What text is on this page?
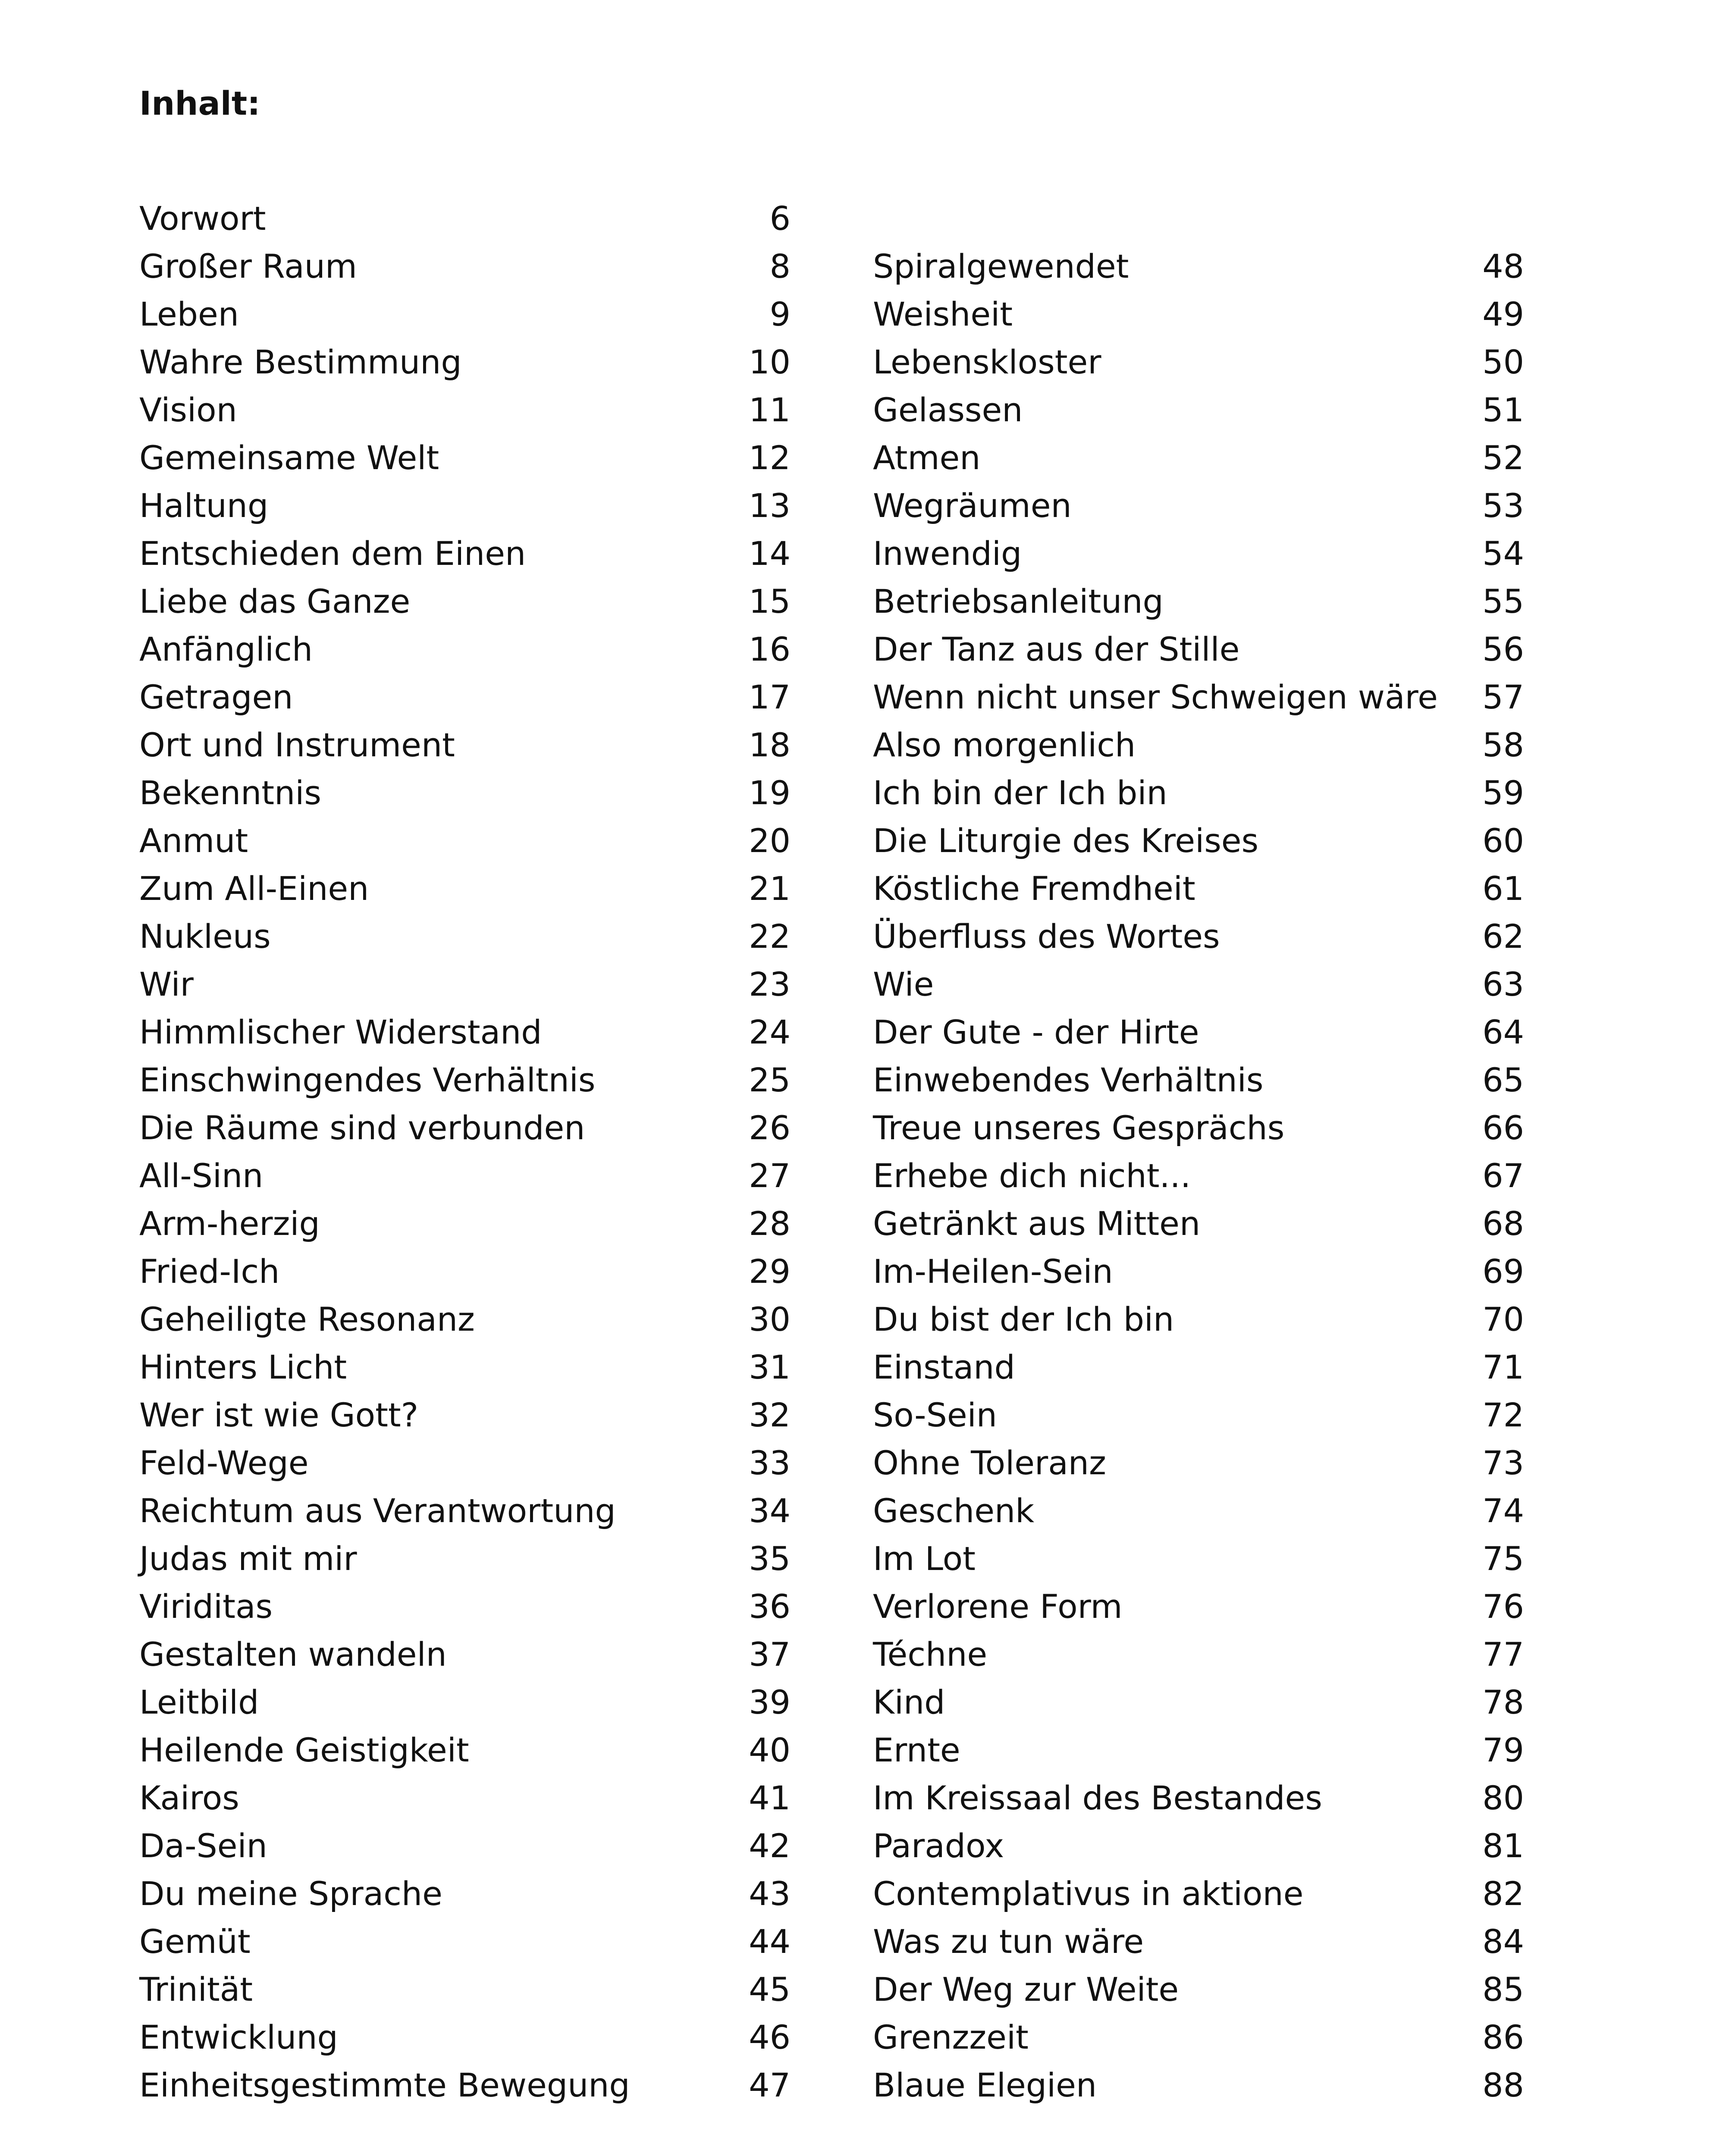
Inhalt:
Vorwort	6
Großer Raum	8
Leben	9
Wahre Bestimmung	10
Vision	11
Gemeinsame Welt	12
Haltung	13
Entschieden dem Einen	14
Liebe das Ganze	15
Anfänglich	16
Getragen	17
Ort und Instrument	18
Bekenntnis	19
Anmut	20
Zum All-Einen	21
Nukleus	22
Wir	23
Himmlischer Widerstand	24
Einschwingendes Verhältnis	25
Die Räume sind verbunden	26
All-Sinn	27
Arm-herzig	28
Fried-Ich	29
Geheiligte Resonanz	30
Hinters Licht	31
Wer ist wie Gott?	32
Feld-Wege	33
Reichtum aus Verantwortung	34
Judas mit mir	35
Viriditas	36
Gestalten wandeln	37
Leitbild	39
Heilende Geistigkeit	40
Kairos	41
Da-Sein	42
Du meine Sprache	43
Gemüt	44
Trinität	45
Entwicklung	46
Einheitsgestimmte Bewegung	47
Spiralgewendet	48
Weisheit	49
Lebenskloster	50
Gelassen	51
Atmen	52
Wegräumen	53
Inwendig	54
Betriebsanleitung	55
Der Tanz aus der Stille	56
Wenn nicht unser Schweigen wäre 57
Also morgenlich	58
Ich bin der Ich bin	59
Die Liturgie des Kreises	60
Köstliche Fremdheit	61
Überfluss des Wortes	62
Wie	63
Der Gute - der Hirte	64
Einwebendes Verhältnis	65
Treue unseres Gesprächs	66
Erhebe dich nicht...	67
Getränkt aus Mitten	68
Im-Heilen-Sein	69
Du bist der Ich bin	70
Einstand	71
So-Sein	72
Ohne Toleranz	73
Geschenk	74
Im Lot	75
Verlorene Form	76
Téchne	77
Kind	78
Ernte	79
Im Kreissaal des Bestandes	80
Paradox	81
Contemplativus in aktione	82
Was zu tun wäre	84
Der Weg zur Weite	85
Grenzzeit	86
Blaue Elegien	88
